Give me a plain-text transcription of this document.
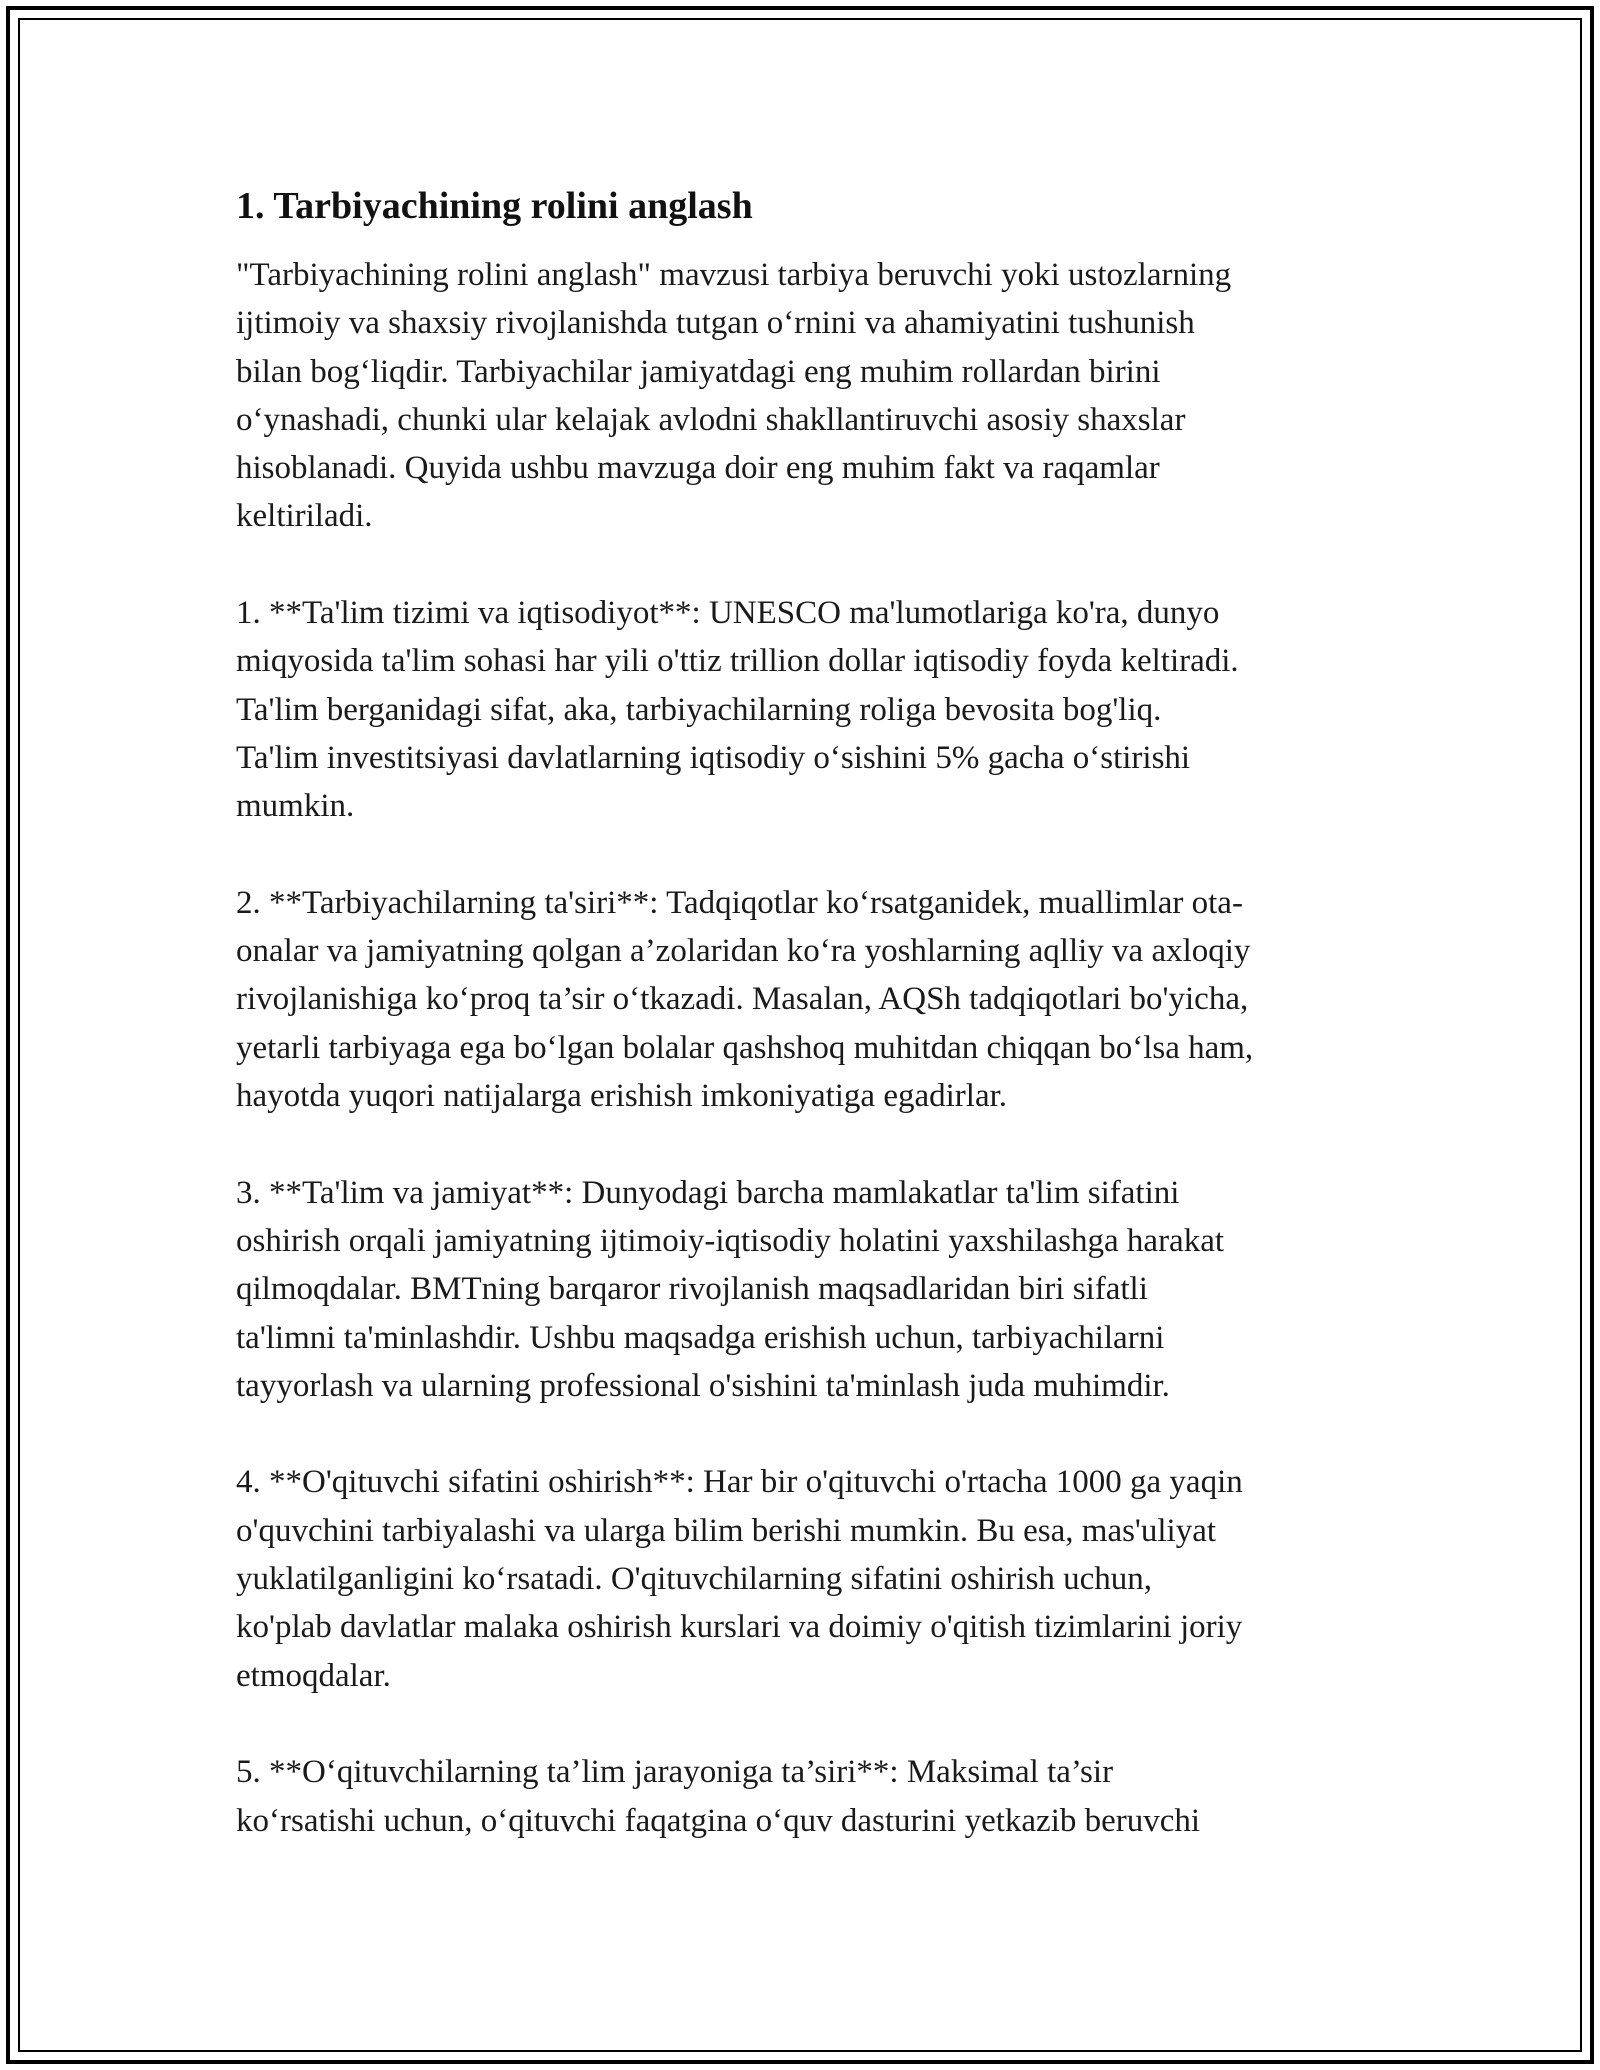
1. Tarbiyachining rolini anglash

"Tarbiyachining rolini anglash" mavzusi tarbiya beruvchi yoki ustozlarning
ijtimoiy va shaxsiy rivojlanishda tutgan o‘rnini va ahamiyatini tushunish
bilan bog‘liqdir. Tarbiyachilar jamiyatdagi eng muhim rollardan birini
o‘ynashadi, chunki ular kelajak avlodni shakllantiruvchi asosiy shaxslar
hisoblanadi. Quyida ushbu mavzuga doir eng muhim fakt va raqamlar
keltiriladi.

1. **Ta'lim tizimi va iqtisodiyot**: UNESCO ma'lumotlariga ko'ra, dunyo
miqyosida ta'lim sohasi har yili o'ttiz trillion dollar iqtisodiy foyda keltiradi.
Ta'lim berganidagi sifat, aka, tarbiyachilarning roliga bevosita bog'liq.
Ta'lim investitsiyasi davlatlarning iqtisodiy o‘sishini 5% gacha o‘stirishi
mumkin.

2. **Tarbiyachilarning ta'siri**: Tadqiqotlar ko‘rsatganidek, muallimlar ota-
onalar va jamiyatning qolgan a’zolaridan ko‘ra yoshlarning aqlliy va axloqiy
rivojlanishiga ko‘proq ta’sir o‘tkazadi. Masalan, AQSh tadqiqotlari bo'yicha,
yetarli tarbiyaga ega bo‘lgan bolalar qashshoq muhitdan chiqqan bo‘lsa ham,
hayotda yuqori natijalarga erishish imkoniyatiga egadirlar.

3. **Ta'lim va jamiyat**: Dunyodagi barcha mamlakatlar ta'lim sifatini
oshirish orqali jamiyatning ijtimoiy-iqtisodiy holatini yaxshilashga harakat
qilmoqdalar. BMTning barqaror rivojlanish maqsadlaridan biri sifatli
ta'limni ta'minlashdir. Ushbu maqsadga erishish uchun, tarbiyachilarni
tayyorlash va ularning professional o'sishini ta'minlash juda muhimdir.

4. **O'qituvchi sifatini oshirish**: Har bir o'qituvchi o'rtacha 1000 ga yaqin
o'quvchini tarbiyalashi va ularga bilim berishi mumkin. Bu esa, mas'uliyat
yuklatilganligini ko‘rsatadi. O'qituvchilarning sifatini oshirish uchun,
ko'plab davlatlar malaka oshirish kurslari va doimiy o'qitish tizimlarini joriy
etmoqdalar.

5. **O‘qituvchilarning ta’lim jarayoniga ta’siri**: Maksimal ta’sir
ko‘rsatishi uchun, o‘qituvchi faqatgina o‘quv dasturini yetkazib beruvchi
